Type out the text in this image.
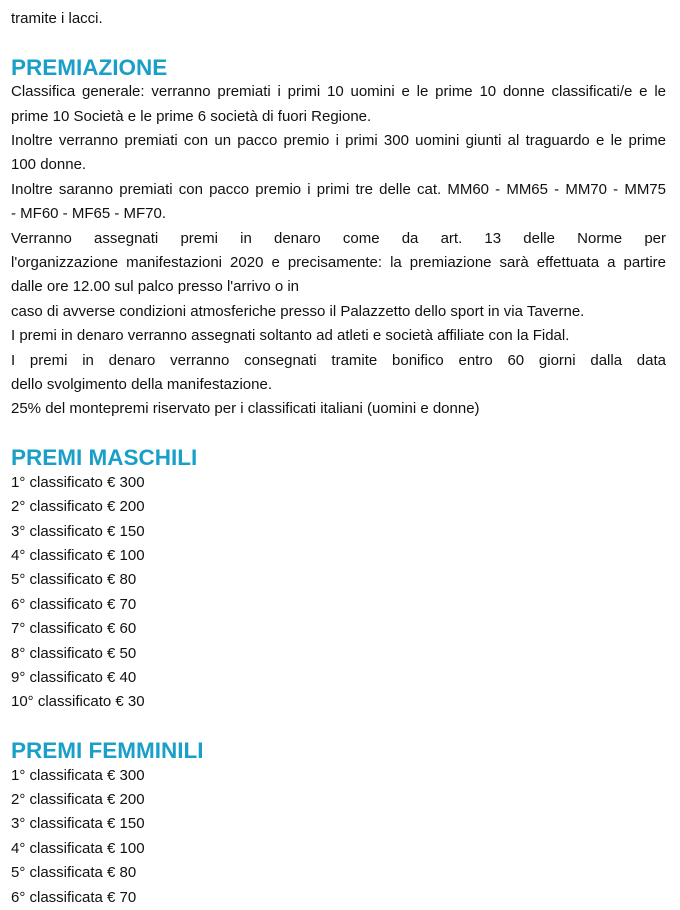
tramite i lacci.

PREMIAZIONE

Classifica generale: verranno premiati i primi 10 uomini e le prime 10 donne classificati/e e le

prime 10 Società e le prime 6 società di fuori Regione.

Inoltre verranno premiati con un pacco premio i primi 300 uomini giunti al traguardo e le prime

100 donne.

Inoltre saranno premiati con pacco premio i primi tre delle cat. MM60 - MM65 - MM70 - MM75

- MF60 - MF65 - MF70.

Verranno assegnati premi in denaro come da art. 13 delle Norme per

l'organizzazione manifestazioni 2020 e precisamente: la premiazione sarà effettuata a partire

dalle ore 12.00 sul palco presso l'arrivo o in

caso di avverse condizioni atmosferiche presso il Palazzetto dello sport in via Taverne.

I premi in denaro verranno assegnati soltanto ad atleti e società affiliate con la Fidal.

I premi in denaro verranno consegnati tramite bonifico entro 60 giorni dalla data

dello svolgimento della manifestazione.

25% del montepremi riservato per i classificati italiani (uomini e donne)

PREMI MASCHILI

1° classificato € 300

2° classificato € 200

3° classificato € 150

4° classificato € 100

5° classificato € 80

6° classificato € 70

7° classificato € 60

8° classificato € 50

9° classificato € 40

10° classificato € 30

PREMI FEMMINILI

1° classificata € 300

2° classificata € 200

3° classificata € 150

4° classificata € 100

5° classificata € 80

6° classificata € 70
